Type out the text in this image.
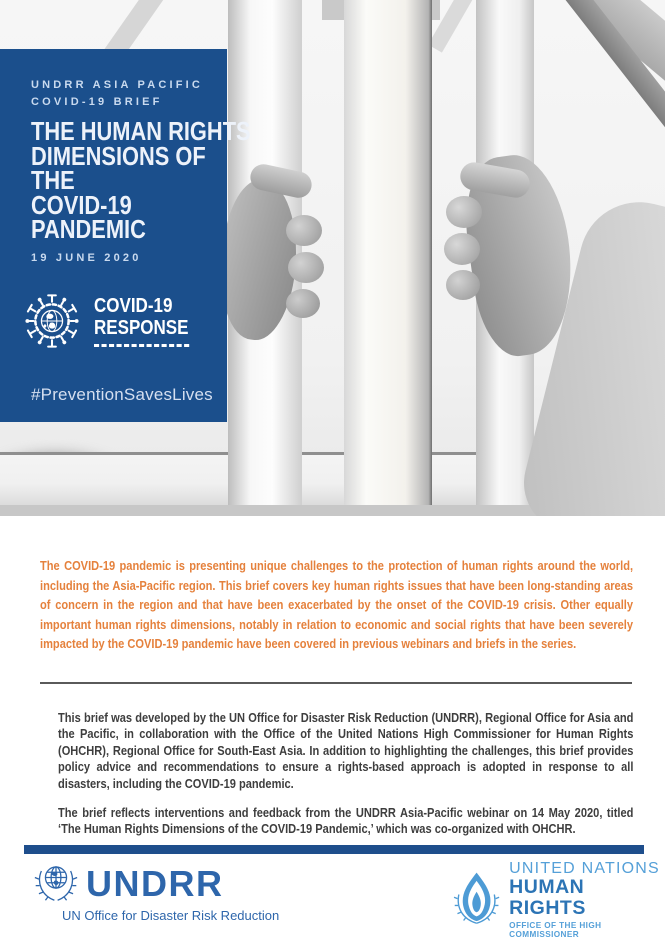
UNDRR ASIA PACIFIC
COVID-19 BRIEF
THE HUMAN RIGHTS
DIMENSIONS OF THE
COVID-19
PANDEMIC
19 JUNE 2020
COVID-19
RESPONSE
#PreventionSavesLives
The COVID-19 pandemic is presenting unique challenges to the protection of human rights around the world, including the Asia-Pacific region. This brief covers key human rights issues that have been long-standing areas of concern in the region and that have been exacerbated by the onset of the COVID-19 crisis. Other equally important human rights dimensions, notably in relation to economic and social rights that have been severely impacted by the COVID-19 pandemic have been covered in previous webinars and briefs in the series.

This brief was developed by the UN Office for Disaster Risk Reduction (UNDRR), Regional Office for Asia and the Pacific, in collaboration with the Office of the United Nations High Commissioner for Human Rights (OHCHR), Regional Office for South-East Asia. In addition to highlighting the challenges, this brief provides policy advice and recommendations to ensure a rights-based approach is adopted in response to all disasters, including the COVID-19 pandemic.

The brief reflects interventions and feedback from the UNDRR Asia-Pacific webinar on 14 May 2020, titled ‘The Human Rights Dimensions of the COVID-19 Pandemic,’ which was co-organized with OHCHR.

UNDRR
UN Office for Disaster Risk Reduction
UNITED NATIONS
HUMAN RIGHTS
OFFICE OF THE HIGH COMMISSIONER
